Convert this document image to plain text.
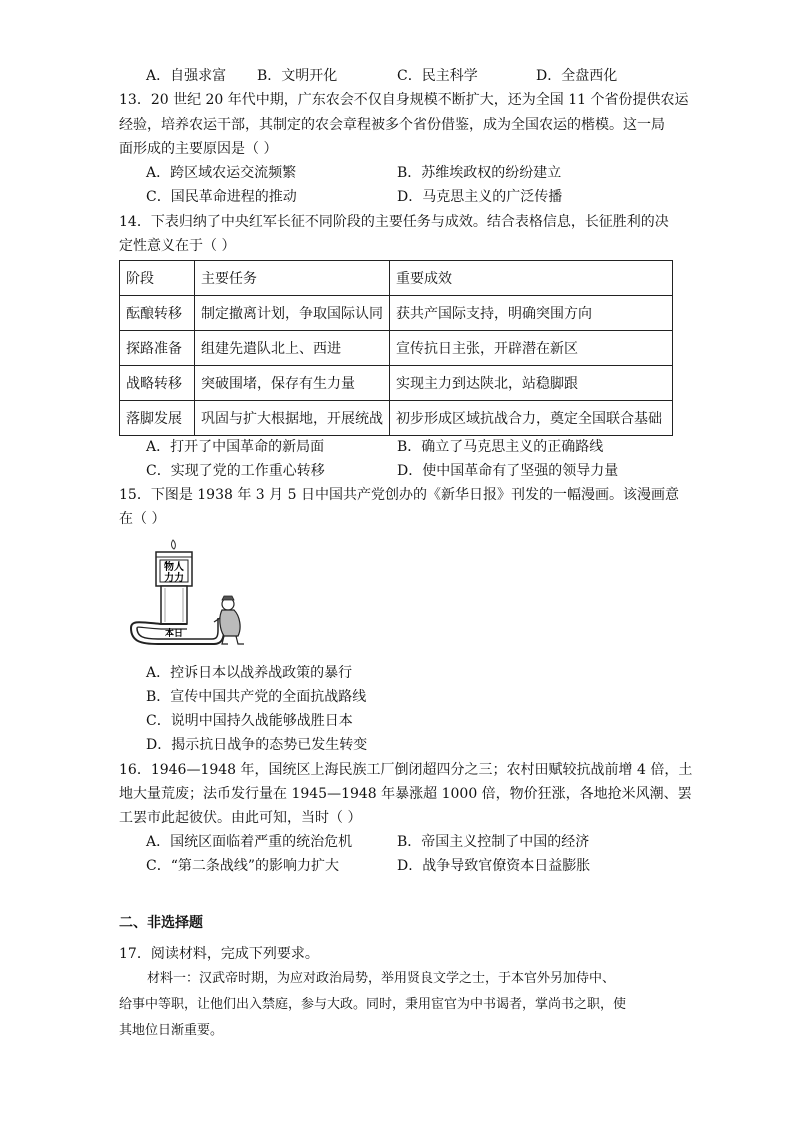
A．自强求富 B．文明开化	C．民主科学	D．全盘西化
13．20 世纪 20 年代中期，广东农会不仅自身规模不断扩大，还为全国 11 个省份提供农运
经验，培养农运干部，其制定的农会章程被多个省份借鉴，成为全国农运的楷模。这一局
面形成的主要原因是（ ）
A．跨区域农运交流频繁	B．苏维埃政权的纷纷建立
C．国民革命进程的推动	D．马克思主义的广泛传播
14．下表归纳了中央红军长征不同阶段的主要任务与成效。结合表格信息，长征胜利的决
定性意义在于（ ）
阶段	主要任务	重要成效
酝酿转移	制定撤离计划，争取国际认同	获共产国际支持，明确突围方向
探路准备	组建先遣队北上、西进	宣传抗日主张，开辟潜在新区
战略转移	突破围堵，保存有生力量	实现主力到达陕北，站稳脚跟
落脚发展	巩固与扩大根据地，开展统战	初步形成区域抗战合力，奠定全国联合基础
A．打开了中国革命的新局面	B．确立了马克思主义的正确路线
C．实现了党的工作重心转移	D．使中国革命有了坚强的领导力量
15．下图是 1938 年 3 月 5 日中国共产党创办的《新华日报》刊发的一幅漫画。该漫画意
在（ ）
物人
力力
本日
A．控诉日本以战养战政策的暴行
B．宣传中国共产党的全面抗战路线
C．说明中国持久战能够战胜日本
D．揭示抗日战争的态势已发生转变
16．1946—1948 年，国统区上海民族工厂倒闭超四分之三；农村田赋较抗战前增 4 倍，土
地大量荒废；法币发行量在 1945—1948 年暴涨超 1000 倍，物价狂涨，各地抢米风潮、罢
工罢市此起彼伏。由此可知，当时（ ）
A．国统区面临着严重的统治危机	B．帝国主义控制了中国的经济
C．“第二条战线”的影响力扩大	D．战争导致官僚资本日益膨胀
二、非选择题
17．阅读材料，完成下列要求。
材料一：汉武帝时期，为应对政治局势，举用贤良文学之士，于本官外另加侍中、
给事中等职，让他们出入禁庭，参与大政。同时，秉用宦官为中书谒者，掌尚书之职，使
其地位日渐重要。
